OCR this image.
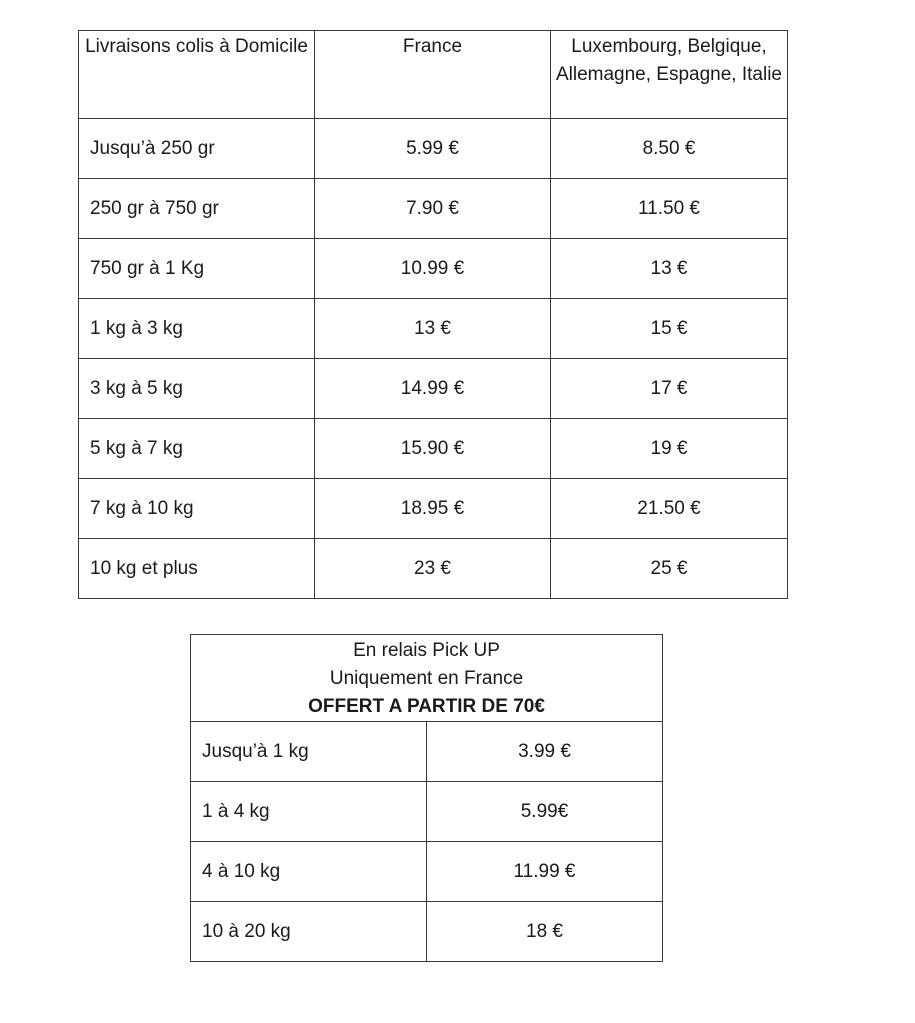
Livraisons colis à Domicile	France	Luxembourg, Belgique, Allemagne, Espagne, Italie
Jusqu’à 250 gr	5.99 €	8.50 €
250 gr à 750 gr	7.90 €	11.50 €
750 gr à 1 Kg	10.99 €	13 €
1 kg à 3 kg	13 €	15 €
3 kg à 5 kg	14.99 €	17 €
5 kg à 7 kg	15.90 €	19 €
7 kg à 10 kg	18.95 €	21.50 €
10 kg et plus	23 €	25 €
En relais Pick UP
Uniquement en France
OFFERT A PARTIR DE 70€	

Jusqu’à 1 kg	3.99 €
1 à 4 kg	5.99€
4 à 10 kg	11.99 €
10 à 20 kg	18 €
